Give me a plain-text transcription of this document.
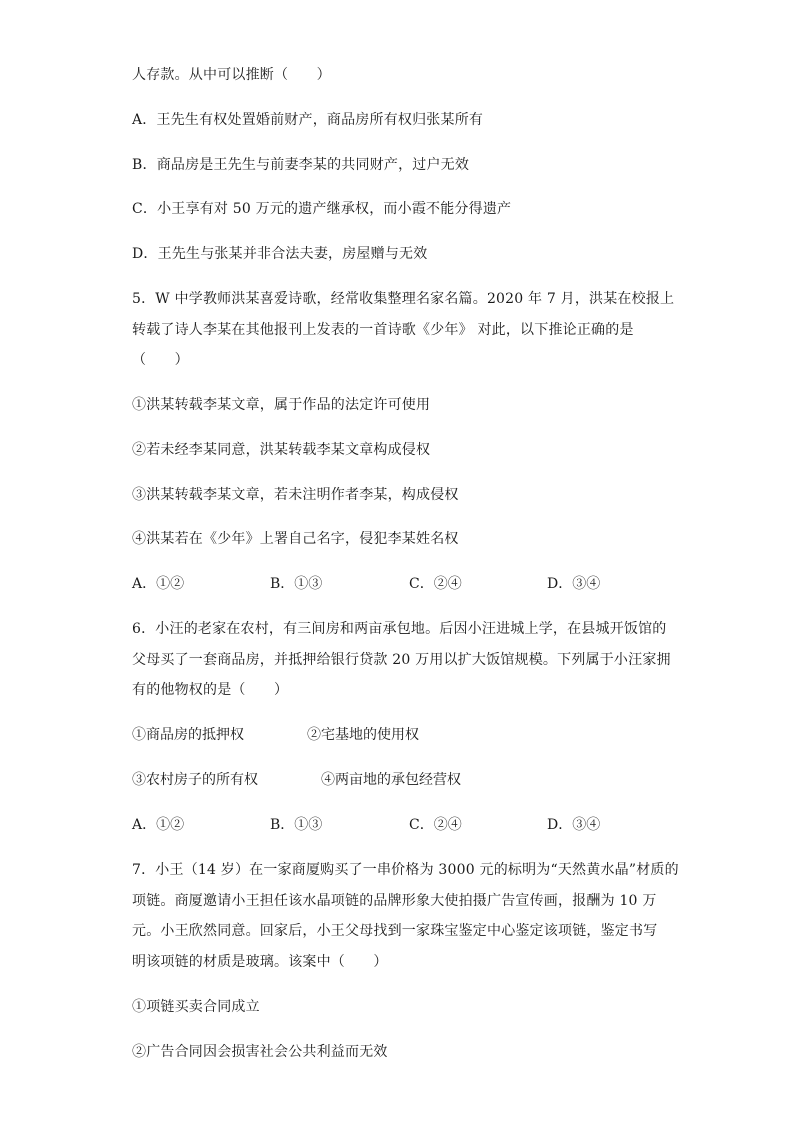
人存款。从中可以推断（　　）
A．王先生有权处置婚前财产，商品房所有权归张某所有
B．商品房是王先生与前妻李某的共同财产，过户无效
C．小王享有对 50 万元的遗产继承权，而小霞不能分得遗产
D．王先生与张某并非合法夫妻，房屋赠与无效
5．W 中学教师洪某喜爱诗歌，经常收集整理名家名篇。2020 年 7 月，洪某在校报上
转载了诗人李某在其他报刊上发表的一首诗歌《少年》 对此，以下推论正确的是
（　　）
①洪某转载李某文章，属于作品的法定许可使用
②若未经李某同意，洪某转载李某文章构成侵权
③洪某转载李某文章，若未注明作者李某，构成侵权
④洪某若在《少年》上署自己名字，侵犯李某姓名权
A．①②	B．①③	C．②④	D．③④
6．小汪的老家在农村，有三间房和两亩承包地。后因小汪进城上学，在县城开饭馆的
父母买了一套商品房，并抵押给银行贷款 20 万用以扩大饭馆规模。下列属于小汪家拥
有的他物权的是（　　）
①商品房的抵押权	②宅基地的使用权
③农村房子的所有权	④两亩地的承包经营权
A．①②	B．①③	C．②④	D．③④
7．小王（14 岁）在一家商厦购买了一串价格为 3000 元的标明为“天然黄水晶”材质的
项链。商厦邀请小王担任该水晶项链的品牌形象大使拍摄广告宣传画，报酬为 10 万
元。小王欣然同意。回家后，小王父母找到一家珠宝鉴定中心鉴定该项链，鉴定书写
明该项链的材质是玻璃。该案中（　　）
①项链买卖合同成立
②广告合同因会损害社会公共利益而无效
